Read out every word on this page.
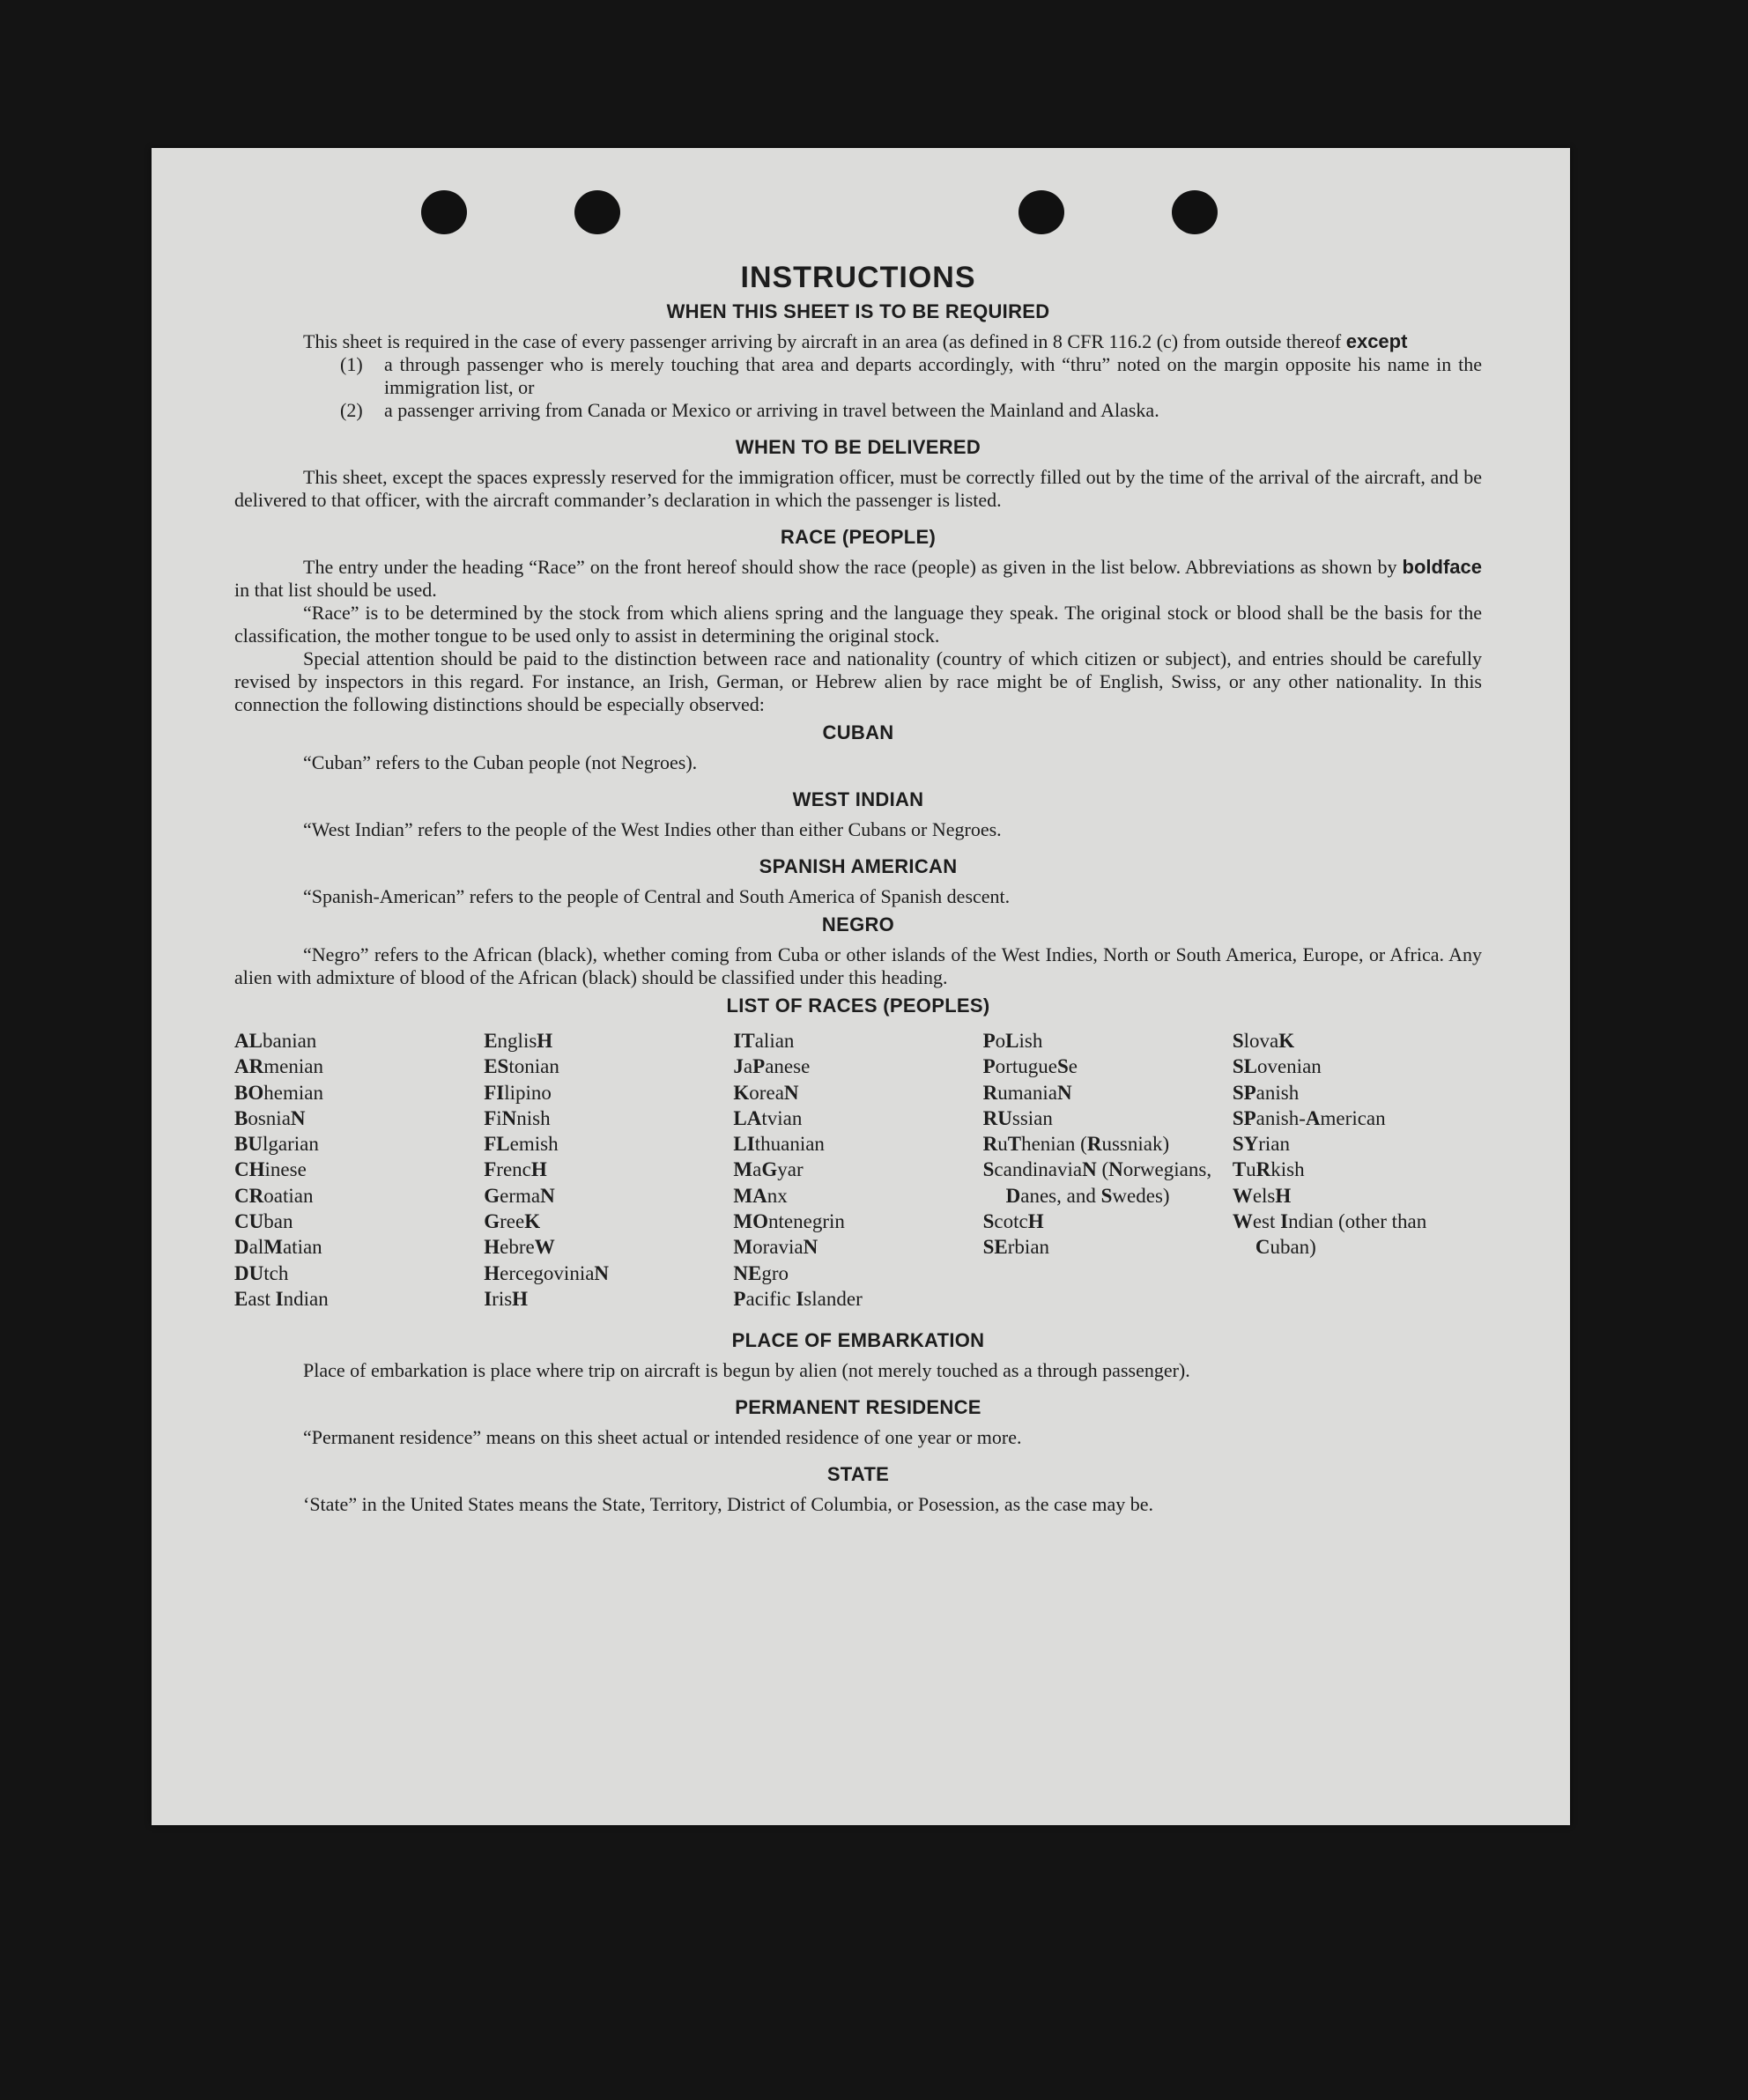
INSTRUCTIONS
WHEN THIS SHEET IS TO BE REQUIRED

This sheet is required in the case of every passenger arriving by aircraft in an area (as defined in 8 CFR 116.2 (c) from outside thereof except

(1)	a through passenger who is merely touching that area and departs accordingly, with “thru” noted on the margin opposite his name in the immigration list, or
(2)	a passenger arriving from Canada or Mexico or arriving in travel between the Mainland and Alaska.
WHEN TO BE DELIVERED

This sheet, except the spaces expressly reserved for the immigration officer, must be correctly filled out by the time of the arrival of the aircraft, and be delivered to that officer, with the aircraft commander’s declaration in which the passenger is listed.

RACE (PEOPLE)

The entry under the heading “Race” on the front hereof should show the race (people) as given in the list below. Abbreviations as shown by boldface in that list should be used.

“Race” is to be determined by the stock from which aliens spring and the language they speak. The original stock or blood shall be the basis for the classification, the mother tongue to be used only to assist in determining the original stock.

Special attention should be paid to the distinction between race and nationality (country of which citizen or subject), and entries should be carefully revised by inspectors in this regard. For instance, an Irish, German, or Hebrew alien by race might be of English, Swiss, or any other nationality. In this connection the following distinctions should be especially observed:

CUBAN

“Cuban” refers to the Cuban people (not Negroes).

WEST INDIAN

“West Indian” refers to the people of the West Indies other than either Cubans or Negroes.

SPANISH AMERICAN

“Spanish-American” refers to the people of Central and South America of Spanish descent.

NEGRO

“Negro” refers to the African (black), whether coming from Cuba or other islands of the West Indies, North or South America, Europe, or Africa. Any alien with admixture of blood of the African (black) should be classified under this heading.

LIST OF RACES (PEOPLES)
ALbanian
ARmenian
BOhemian
BosniaN
BUlgarian
CHinese
CRoatian
CUban
DalMatian
DUtch
East Indian
EnglisH
EStonian
FIlipino
FiNnish
FLemish
FrencH
GermaN
GreeK
HebreW
HercegoviniaN
IrisH
ITalian
JaPanese
KoreaN
LAtvian
LIthuanian
MaGyar
MAnx
MOntenegrin
MoraviaN
NEgro
Pacific Islander
PoLish
PortugueSe
RumaniaN
RUssian
RuThenian (Russniak)
ScandinaviaN (Norwegians, Danes, and Swedes)
ScotcH
SErbian
SlovaK
SLovenian
SPanish
SPanish-American
SYrian
TuRkish
WelsH
West Indian (other than Cuban)
PLACE OF EMBARKATION

Place of embarkation is place where trip on aircraft is begun by alien (not merely touched as a through passenger).

PERMANENT RESIDENCE

“Permanent residence” means on this sheet actual or intended residence of one year or more.

STATE

‘State” in the United States means the State, Territory, District of Columbia, or Posession, as the case may be.
